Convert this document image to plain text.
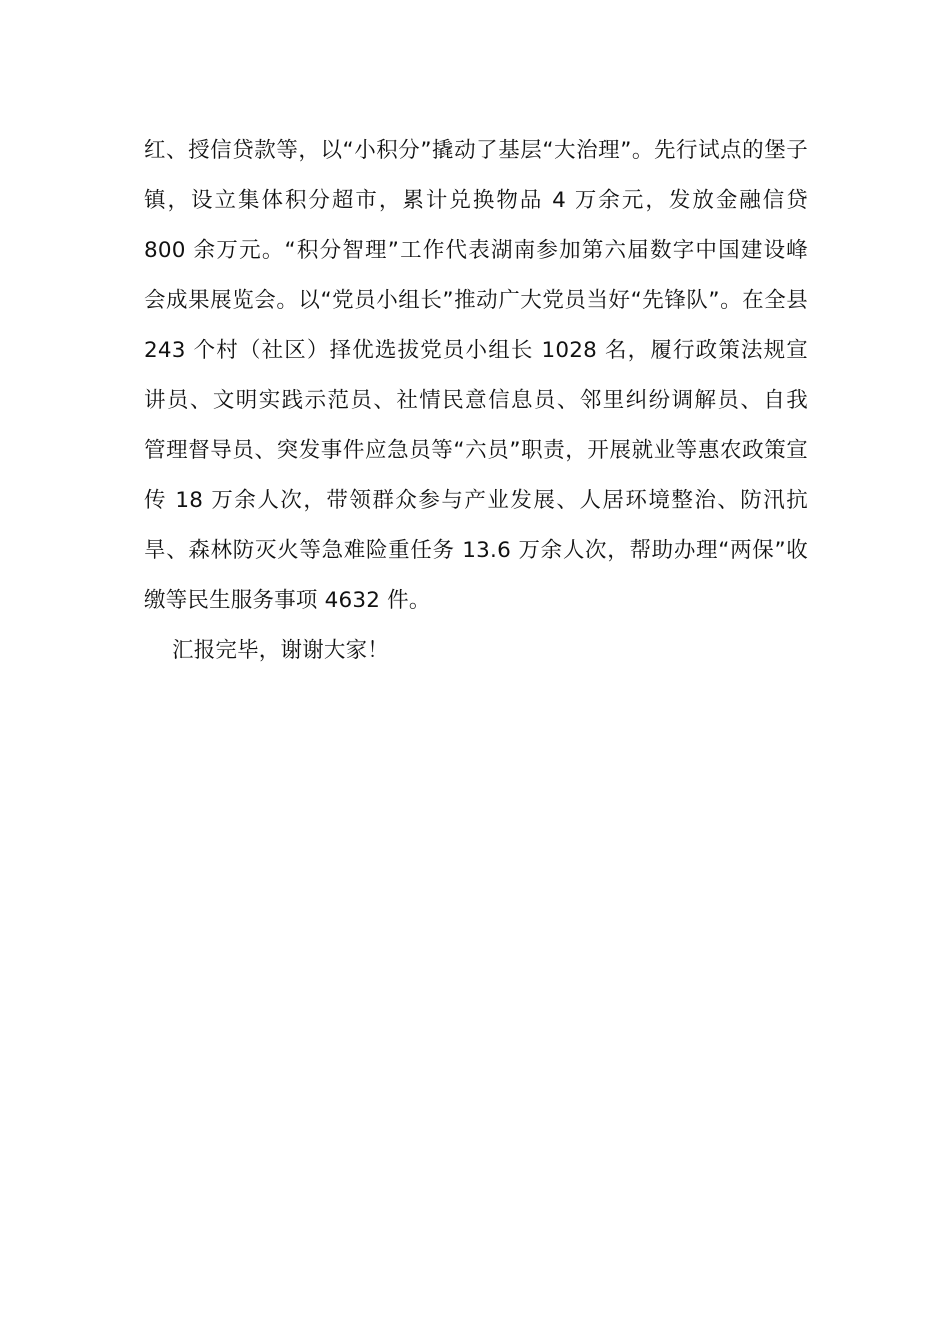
红、授信贷款等，以“小积分”撬动了基层“大治理”。先行试点的堡子
镇，设立集体积分超市，累计兑换物品 4 万余元，发放金融信贷
800 余万元。“积分智理”工作代表湖南参加第六届数字中国建设峰
会成果展览会。以“党员小组长”推动广大党员当好“先锋队”。在全县
243 个村（社区）择优选拔党员小组长 1028 名，履行政策法规宣
讲员、文明实践示范员、社情民意信息员、邻里纠纷调解员、自我
管理督导员、突发事件应急员等“六员”职责，开展就业等惠农政策宣
传 18 万余人次，带领群众参与产业发展、人居环境整治、防汛抗
旱、森林防灭火等急难险重任务 13.6 万余人次，帮助办理“两保”收
缴等民生服务事项 4632 件。
汇报完毕，谢谢大家！
